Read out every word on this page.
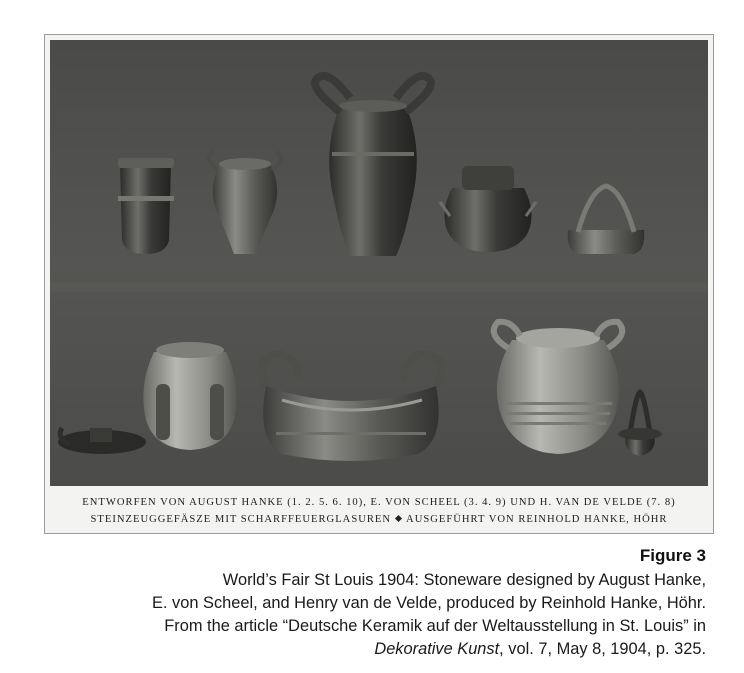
ENTWORFEN VON AUGUST HANKE (1. 2. 5. 6. 10), E. VON SCHEEL (3. 4. 9) UND H. VAN DE VELDE (7. 8)
STEINZEUGGEFÄSZE MIT SCHARFFEUERGLASUREN AUSGEFÜHRT VON REINHOLD HANKE, HÖHR
Figure 3
World’s Fair St Louis 1904: Stoneware designed by August Hanke,
E. von Scheel, and Henry van de Velde, produced by Reinhold Hanke, Höhr.
From the article “Deutsche Keramik auf der Weltausstellung in St. Louis” in
Dekorative Kunst, vol. 7, May 8, 1904, p. 325.
